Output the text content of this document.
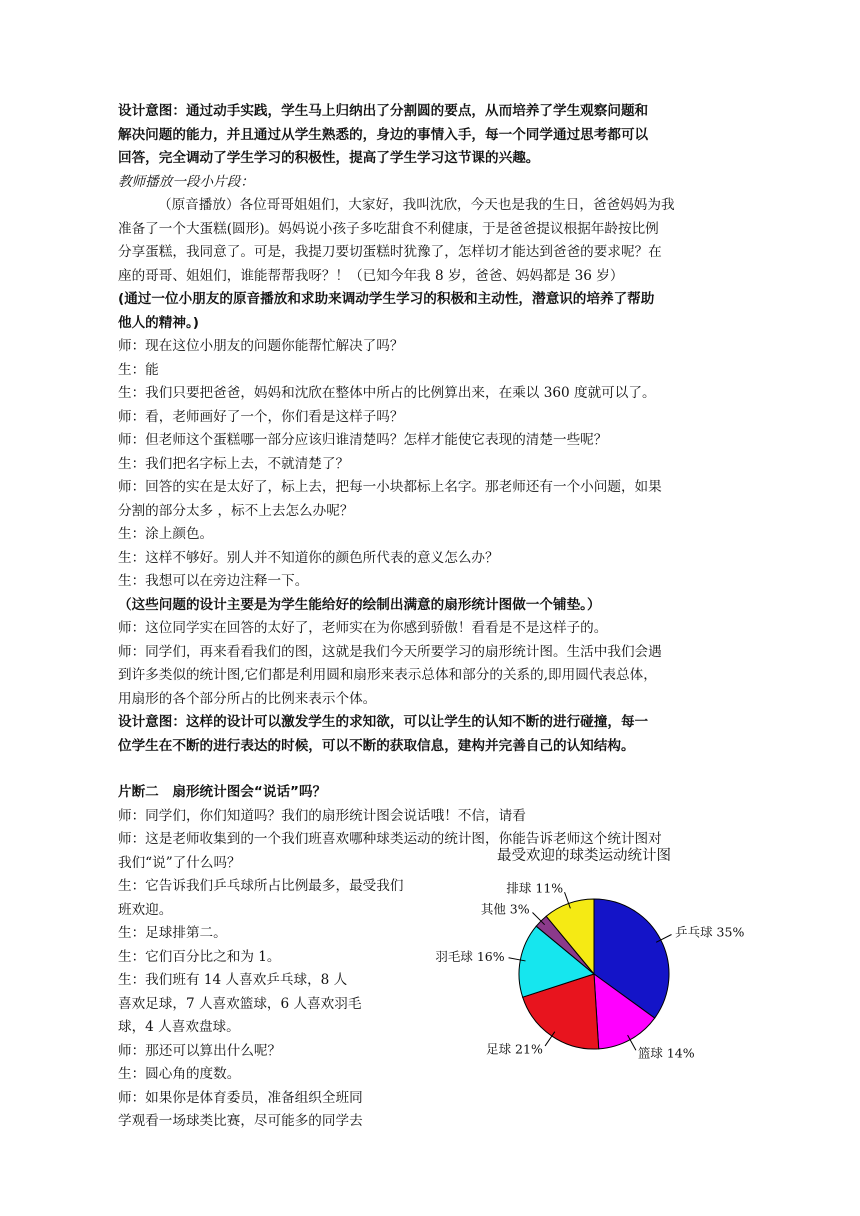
设计意图：通过动手实践，学生马上归纳出了分割圆的要点，从而培养了学生观察问题和

解决问题的能力，并且通过从学生熟悉的，身边的事情入手，每一个同学通过思考都可以

回答，完全调动了学生学习的积极性，提高了学生学习这节课的兴趣。

教师播放一段小片段：

（原音播放）各位哥哥姐姐们，大家好，我叫沈欣，今天也是我的生日，爸爸妈妈为我

准备了一个大蛋糕(圆形)。妈妈说小孩子多吃甜食不利健康，于是爸爸提议根据年龄按比例

分享蛋糕，我同意了。可是，我提刀要切蛋糕时犹豫了，怎样切才能达到爸爸的要求呢？在

座的哥哥、姐姐们，谁能帮帮我呀？！（已知今年我 8 岁，爸爸、妈妈都是 36 岁）

(通过一位小朋友的原音播放和求助来调动学生学习的积极和主动性，潜意识的培养了帮助

他人的精神。)

师：现在这位小朋友的问题你能帮忙解决了吗？

生：能

生：我们只要把爸爸，妈妈和沈欣在整体中所占的比例算出来，在乘以 360 度就可以了。

师：看，老师画好了一个，你们看是这样子吗？

师：但老师这个蛋糕哪一部分应该归谁清楚吗？怎样才能使它表现的清楚一些呢？

生：我们把名字标上去，不就清楚了？

师：回答的实在是太好了，标上去，把每一小块都标上名字。那老师还有一个小问题，如果

分割的部分太多 ，标不上去怎么办呢？

生：涂上颜色。

生：这样不够好。别人并不知道你的颜色所代表的意义怎么办？

生：我想可以在旁边注释一下。

（这些问题的设计主要是为学生能给好的绘制出满意的扇形统计图做一个铺垫。）

师：这位同学实在回答的太好了，老师实在为你感到骄傲！看看是不是这样子的。

师：同学们，再来看看我们的图，这就是我们今天所要学习的扇形统计图。生活中我们会遇

到许多类似的统计图,它们都是利用圆和扇形来表示总体和部分的关系的,即用圆代表总体，

用扇形的各个部分所占的比例来表示个体。

设计意图：这样的设计可以激发学生的求知欲，可以让学生的认知不断的进行碰撞，每一

位学生在不断的进行表达的时候，可以不断的获取信息，建构并完善自己的认知结构。

片断二　扇形统计图会“说话”吗？

师：同学们，你们知道吗？我们的扇形统计图会说话哦！不信，请看

师：这是老师收集到的一个我们班喜欢哪种球类运动的统计图，你能告诉老师这个统计图对

我们“说”了什么吗？

生：它告诉我们乒乓球所占比例最多，最受我们

班欢迎。

生：足球排第二。

生：它们百分比之和为 1。

生：我们班有 14 人喜欢乒乓球，8 人

喜欢足球，7 人喜欢篮球，6 人喜欢羽毛

球，4 人喜欢盘球。

师：那还可以算出什么呢？

生：圆心角的度数。

师：如果你是体育委员，准备组织全班同

学观看一场球类比赛，尽可能多的同学去

最受欢迎的球类运动统计图
乒乓球 35%
篮球 14%
足球 21%
羽毛球 16%
其他 3%
排球 11%
